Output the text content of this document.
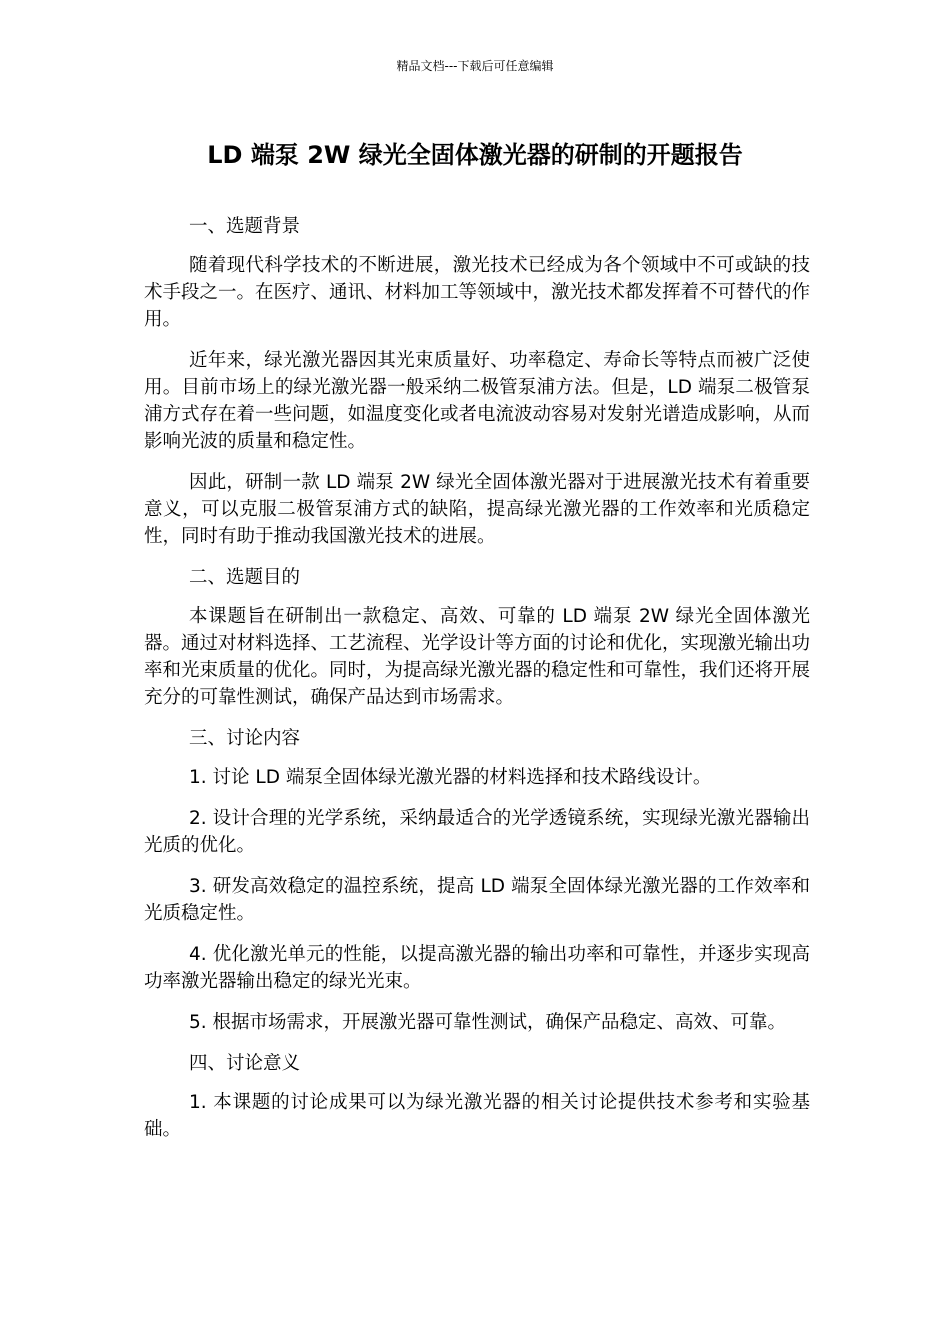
精品文档---下载后可任意编辑
LD 端泵 2W 绿光全固体激光器的研制的开题报告

一、选题背景

随着现代科学技术的不断进展，激光技术已经成为各个领域中不可或缺的技术手段之一。在医疗、通讯、材料加工等领域中，激光技术都发挥着不可替代的作用。

近年来，绿光激光器因其光束质量好、功率稳定、寿命长等特点而被广泛使用。目前市场上的绿光激光器一般采纳二极管泵浦方法。但是，LD 端泵二极管泵浦方式存在着一些问题，如温度变化或者电流波动容易对发射光谱造成影响，从而影响光波的质量和稳定性。

因此，研制一款 LD 端泵 2W 绿光全固体激光器对于进展激光技术有着重要意义，可以克服二极管泵浦方式的缺陷，提高绿光激光器的工作效率和光质稳定性，同时有助于推动我国激光技术的进展。

二、选题目的

本课题旨在研制出一款稳定、高效、可靠的 LD 端泵 2W 绿光全固体激光器。通过对材料选择、工艺流程、光学设计等方面的讨论和优化，实现激光输出功率和光束质量的优化。同时，为提高绿光激光器的稳定性和可靠性，我们还将开展充分的可靠性测试，确保产品达到市场需求。

三、讨论内容

1. 讨论 LD 端泵全固体绿光激光器的材料选择和技术路线设计。

2. 设计合理的光学系统，采纳最适合的光学透镜系统，实现绿光激光器输出光质的优化。

3. 研发高效稳定的温控系统，提高 LD 端泵全固体绿光激光器的工作效率和光质稳定性。

4. 优化激光单元的性能，以提高激光器的输出功率和可靠性，并逐步实现高功率激光器输出稳定的绿光光束。

5. 根据市场需求，开展激光器可靠性测试，确保产品稳定、高效、可靠。

四、讨论意义

1. 本课题的讨论成果可以为绿光激光器的相关讨论提供技术参考和实验基础。
